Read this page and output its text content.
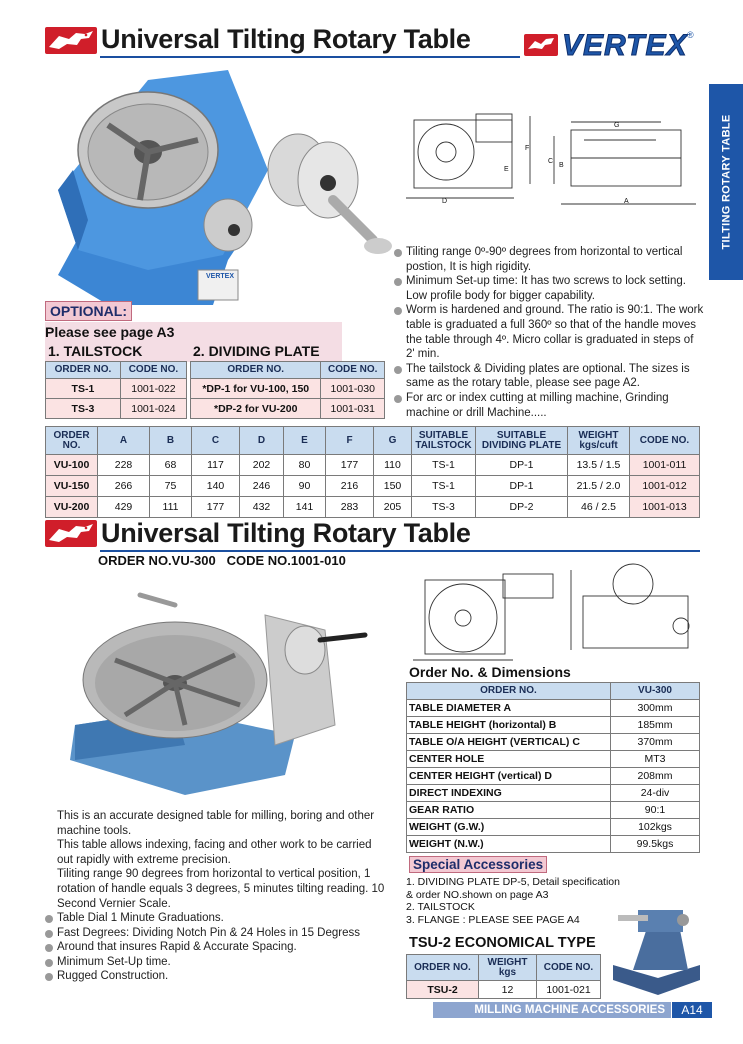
Universal Tilting Rotary Table	VERTEX ®
TILTING ROTARY TABLE
VERTEX
G
F
C
E
D
B
A
OPTIONAL:
Please see page A3
1. TAILSTOCK	2. DIVIDING PLATE
ORDER NO.	CODE NO.
TS-1	1001-022
TS-3	1001-024
ORDER NO.	CODE NO.
*DP-1 for VU-100, 150	1001-030
*DP-2 for VU-200	1001-031
Tiliting range 0º-90º degrees from horizontal to vertical postion, It is high rigidity.
Minimum Set-up time: It has two screws to lock setting. Low profile body for bigger capability.
Worm is hardened and ground. The ratio is 90:1. The work table is graduated a full 360º so that of the handle moves the table through 4º. Micro collar is graduated in steps of 2' min.
The tailstock & Dividing plates are optional. The sizes is same as the rotary table, please see page A2.
For arc or index cutting at milling machine, Grinding machine or drill Machine.....
ORDER NO.	A	B	C	D	E	F	G	SUITABLE TAILSTOCK	SUITABLE DIVIDING PLATE	WEIGHT kgs/cuft	CODE NO.
VU-100	228	68	117	202	80	177	110	TS-1	DP-1	13.5 / 1.5	1001-011
VU-150	266	75	140	246	90	216	150	TS-1	DP-1	21.5 / 2.0	1001-012
VU-200	429	111	177	432	141	283	205	TS-3	DP-2	46 / 2.5	1001-013
Universal Tilting Rotary Table
ORDER NO.VU-300   CODE NO.1001-010
Order No. & Dimensions
ORDER NO.	VU-300
TABLE DIAMETER A	300mm
TABLE HEIGHT (horizontal) B	185mm
TABLE O/A HEIGHT (VERTICAL) C	370mm
CENTER HOLE	MT3
CENTER HEIGHT (vertical) D	208mm
DIRECT INDEXING	24-div
GEAR RATIO	90:1
WEIGHT (G.W.)	102kgs
WEIGHT (N.W.)	99.5kgs
This is an accurate designed table for milling, boring and other machine tools.
This table allows indexing, facing and other work to be carried out rapidly with extreme precision.
Tiliting range 90 degrees from horizontal to vertical position, 1 rotation of handle equals 3 degrees, 5 minutes tilting reading. 10 Second Vernier Scale.
Table Dial 1 Minute Graduations.
Fast Degrees: Dividing Notch Pin & 24 Holes in 15 Degress
Around that insures Rapid & Accurate Spacing.
Minimum Set-Up time.
Rugged Construction.
Special Accessories
1. DIVIDING PLATE DP-5, Detail specification
& order NO.shown on page A3
2. TAILSTOCK
3. FLANGE : PLEASE SEE PAGE A4
TSU-2 ECONOMICAL TYPE
ORDER NO.	WEIGHT kgs	CODE NO.
TSU-2	12	1001-021
MILLING MACHINE ACCESSORIES A14
